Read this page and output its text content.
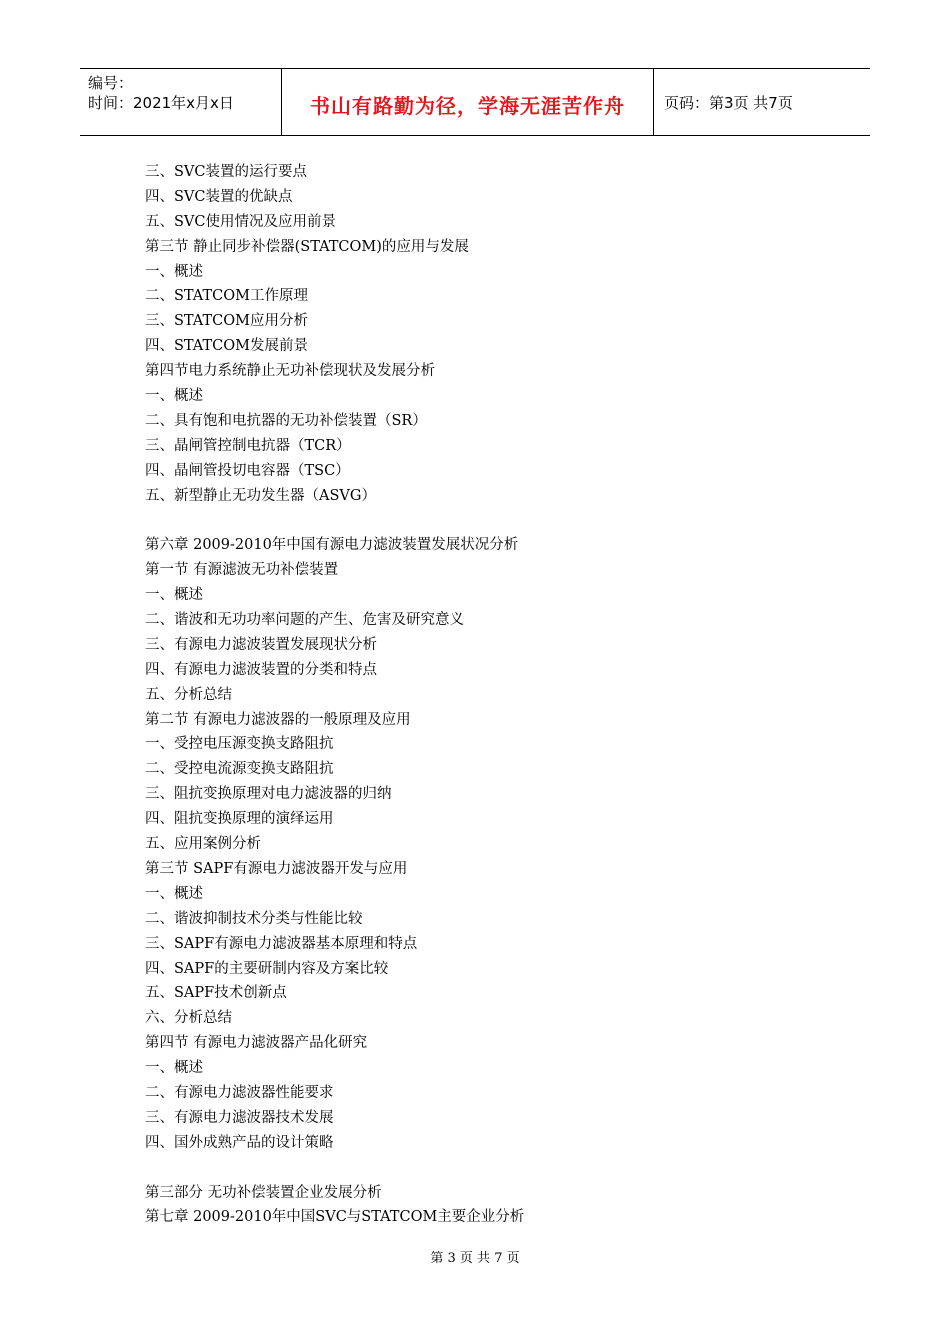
编号：
时间：2021年x月x日	书山有路勤为径，学海无涯苦作舟	页码：第3页 共7页
三、SVC装置的运行要点
四、SVC装置的优缺点
五、SVC使用情况及应用前景
第三节 静止同步补偿器(STATCOM)的应用与发展
一、概述
二、STATCOM工作原理
三、STATCOM应用分析
四、STATCOM发展前景
第四节电力系统静止无功补偿现状及发展分析
一、概述
二、具有饱和电抗器的无功补偿装置（SR）
三、晶闸管控制电抗器（TCR）
四、晶闸管投切电容器（TSC）
五、新型静止无功发生器（ASVG）
第六章 2009-2010年中国有源电力滤波装置发展状况分析
第一节 有源滤波无功补偿装置
一、概述
二、谐波和无功功率问题的产生、危害及研究意义
三、有源电力滤波装置发展现状分析
四、有源电力滤波装置的分类和特点
五、分析总结
第二节 有源电力滤波器的一般原理及应用
一、受控电压源变换支路阻抗
二、受控电流源变换支路阻抗
三、阻抗变换原理对电力滤波器的归纳
四、阻抗变换原理的演绎运用
五、应用案例分析
第三节 SAPF有源电力滤波器开发与应用
一、概述
二、谐波抑制技术分类与性能比较
三、SAPF有源电力滤波器基本原理和特点
四、SAPF的主要研制内容及方案比较
五、SAPF技术创新点
六、分析总结
第四节 有源电力滤波器产品化研究
一、概述
二、有源电力滤波器性能要求
三、有源电力滤波器技术发展
四、国外成熟产品的设计策略
第三部分 无功补偿装置企业发展分析
第七章 2009-2010年中国SVC与STATCOM主要企业分析
第 3 页 共 7 页
